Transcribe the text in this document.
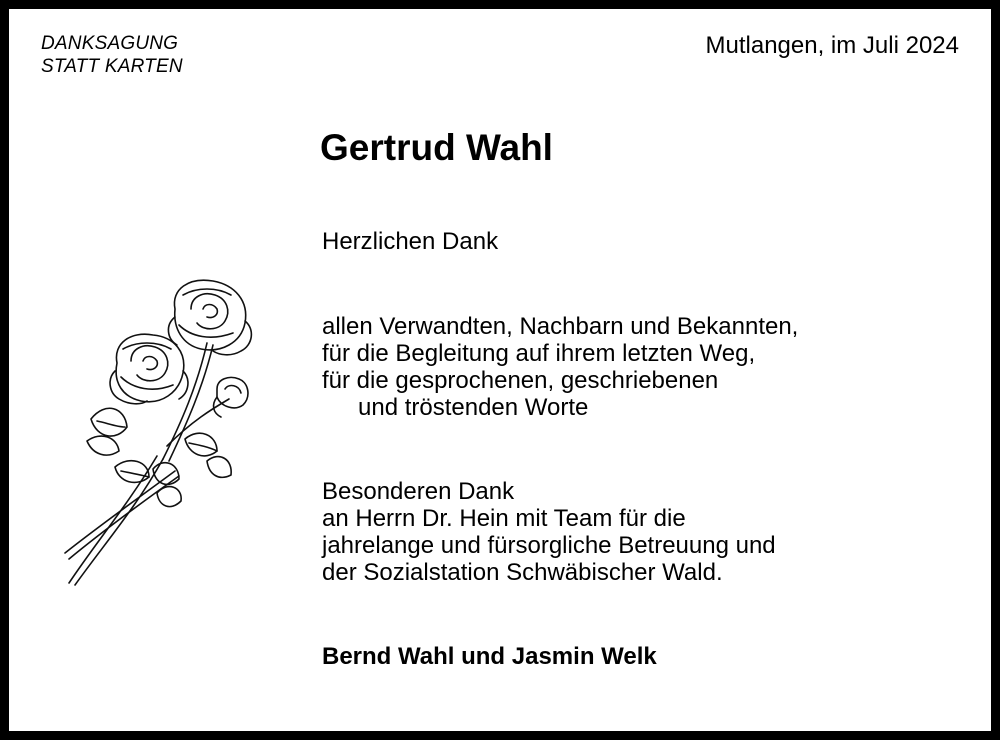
DANKSAGUNG
STATT KARTEN
Mutlangen, im Juli 2024
Gertrud Wahl
Herzlichen Dank
allen Verwandten, Nachbarn und Bekannten,
für die Begleitung auf ihrem letzten Weg,
für die gesprochenen, geschriebenen
und tröstenden Worte
Besonderen Dank
an Herrn Dr. Hein mit Team für die
jahrelange und fürsorgliche Betreuung und
der Sozialstation Schwäbischer Wald.
Bernd Wahl und Jasmin Welk
